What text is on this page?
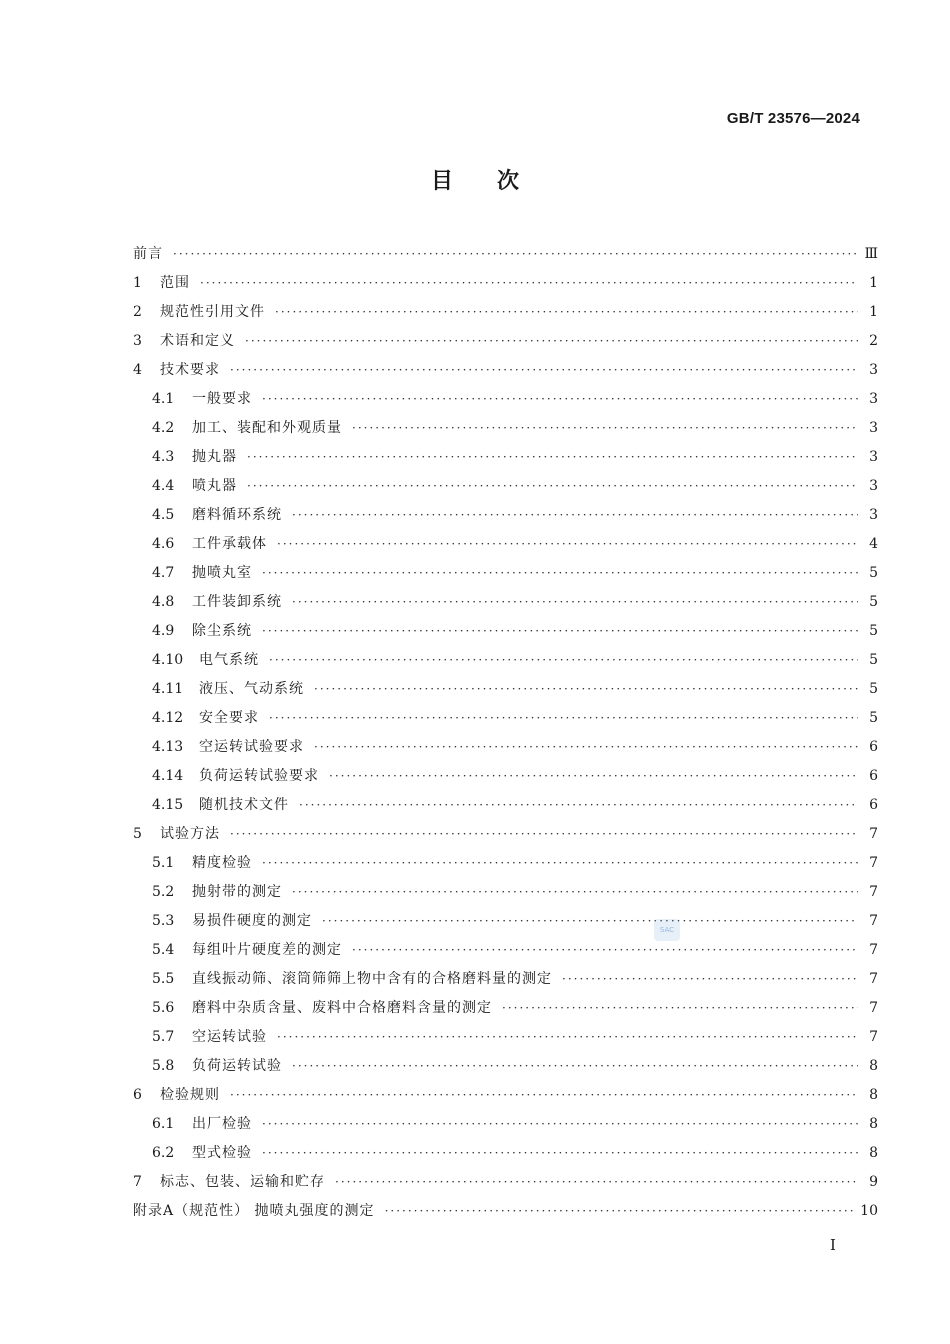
GB/T 23576—2024
目次
前言 ·····	Ⅲ
1	范围 ·····	1
2	规范性引用文件 ·····	1
3	术语和定义 ·····	2
4	技术要求 ·····	3
4.1	一般要求 ·····	3
4.2	加工、装配和外观质量 ·····	3
4.3	抛丸器 ·····	3
4.4	喷丸器 ·····	3
4.5	磨料循环系统 ·····	3
4.6	工件承载体 ·····	4
4.7	抛喷丸室 ·····	5
4.8	工件装卸系统 ·····	5
4.9	除尘系统 ·····	5
4.10	电气系统 ·····	5
4.11	液压、气动系统 ·····	5
4.12	安全要求 ·····	5
4.13	空运转试验要求 ·····	6
4.14	负荷运转试验要求 ·····	6
4.15	随机技术文件 ·····	6
5	试验方法 ·····	7
5.1	精度检验 ·····	7
5.2	抛射带的测定 ·····	7
5.3	易损件硬度的测定 ·····	7
5.4	每组叶片硬度差的测定 ·····	7
5.5	直线振动筛、滚筒筛筛上物中含有的合格磨料量的测定 ·····	7
5.6	磨料中杂质含量、废料中合格磨料含量的测定 ·····	7
5.7	空运转试验 ·····	7
5.8	负荷运转试验 ·····	8
6	检验规则 ·····	8
6.1	出厂检验 ·····	8
6.2	型式检验 ·····	8
7	标志、包装、运输和贮存 ·····	9
附录A（规范性） 抛喷丸强度的测定 ·····	10
SAC
Ⅰ
